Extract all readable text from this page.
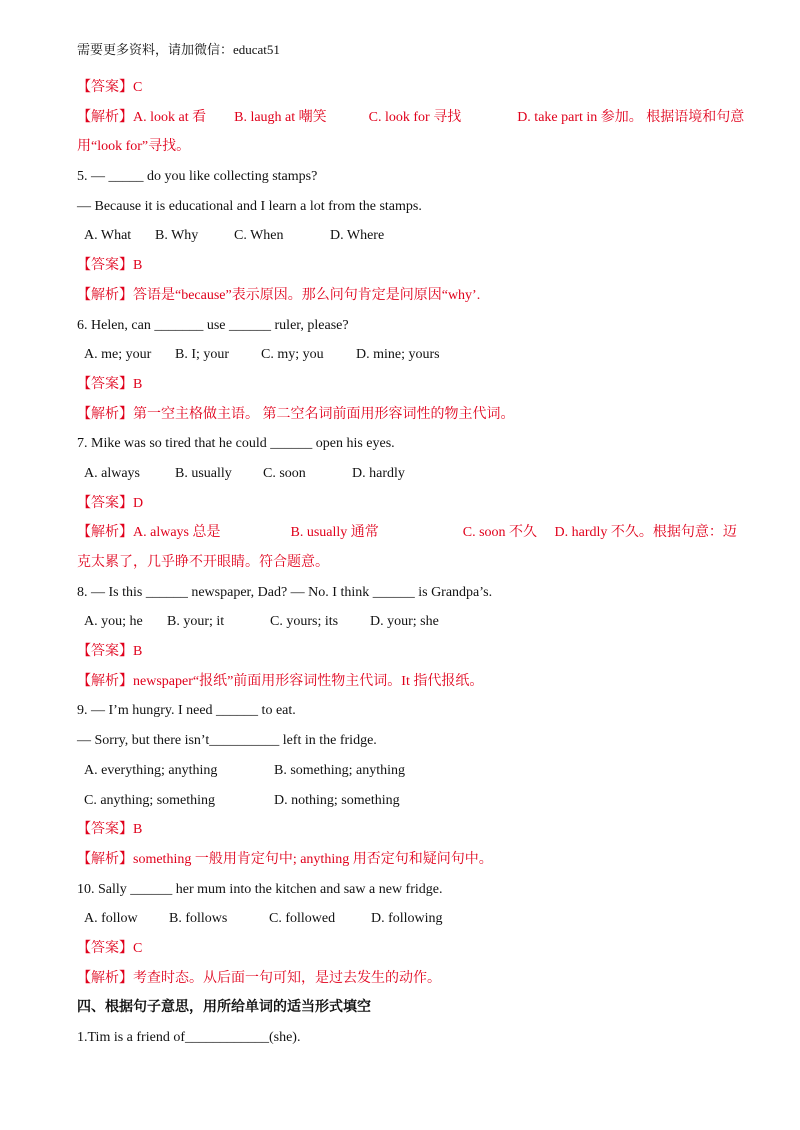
需要更多资料，请加微信：educat51
【答案】C
【解析】A. look at 看　　B. laugh at 嘲笑　　　C. look for 寻找　　　　D. take part in 参加。 根据语境和句意
用“look for”寻找。
5. — _____ do you like collecting stamps?
— Because it is educational and I learn a lot from the stamps.
A. What B. Why	C. When	D. Where
【答案】B
【解析】答语是“because”表示原因。那么问句肯定是问原因“why’.
6. Helen, can _______ use ______ ruler, please?
A. me; your B. I; your C. my; you D. mine; yours
【答案】B
【解析】第一空主格做主语。 第二空名词前面用形容词性的物主代词。
7. Mike was so tired that he could ______ open his eyes.
A. always	B. usually C. soon	D. hardly
【答案】D
【解析】A. always 总是　　　　　B. usually 通常　　　　　　C. soon 不久　 D. hardly 不久。根据句意：迈
克太累了，几乎睁不开眼睛。符合题意。
8. — Is this ______ newspaper, Dad? — No. I think ______ is Grandpa’s.
A. you; he B. your; it	C. yours; its D. your; she
【答案】B
【解析】newspaper“报纸”前面用形容词性物主代词。It 指代报纸。
9. — I’m hungry. I need ______ to eat.
— Sorry, but there isn’t__________ left in the fridge.
A. everything; anything	B. something; anything
C. anything; something	D. nothing; something
【答案】B
【解析】something 一般用肯定句中; anything 用否定句和疑问句中。
10. Sally ______ her mum into the kitchen and saw a new fridge.
A. follow B. follows	C. followed	D. following
【答案】C
【解析】考查时态。从后面一句可知，是过去发生的动作。
四、根据句子意思，用所给单词的适当形式填空
1.Tim is a friend of____________(she).
